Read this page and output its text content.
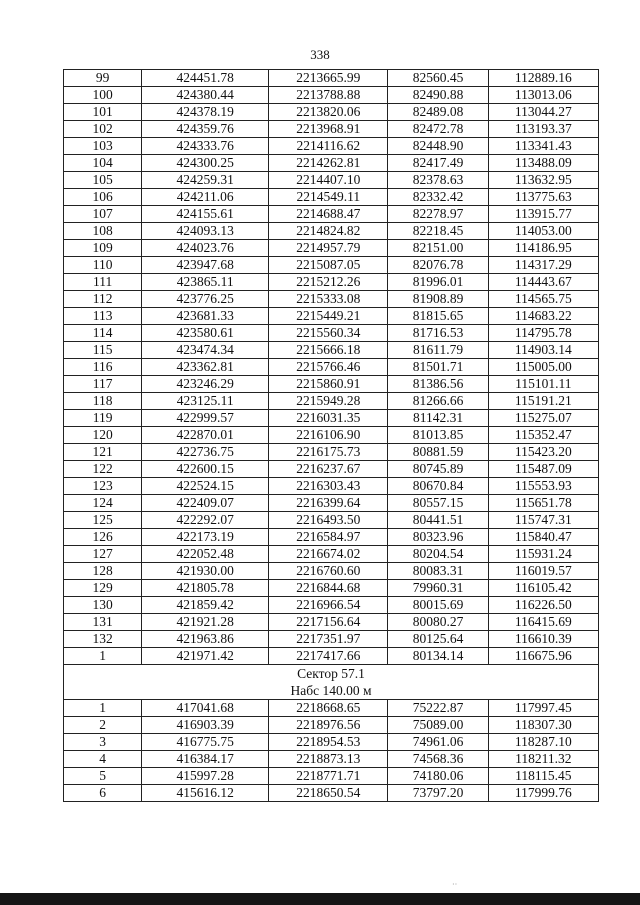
338
99	424451.78	2213665.99	82560.45	112889.16
100	424380.44	2213788.88	82490.88	113013.06
101	424378.19	2213820.06	82489.08	113044.27
102	424359.76	2213968.91	82472.78	113193.37
103	424333.76	2214116.62	82448.90	113341.43
104	424300.25	2214262.81	82417.49	113488.09
105	424259.31	2214407.10	82378.63	113632.95
106	424211.06	2214549.11	82332.42	113775.63
107	424155.61	2214688.47	82278.97	113915.77
108	424093.13	2214824.82	82218.45	114053.00
109	424023.76	2214957.79	82151.00	114186.95
110	423947.68	2215087.05	82076.78	114317.29
111	423865.11	2215212.26	81996.01	114443.67
112	423776.25	2215333.08	81908.89	114565.75
113	423681.33	2215449.21	81815.65	114683.22
114	423580.61	2215560.34	81716.53	114795.78
115	423474.34	2215666.18	81611.79	114903.14
116	423362.81	2215766.46	81501.71	115005.00
117	423246.29	2215860.91	81386.56	115101.11
118	423125.11	2215949.28	81266.66	115191.21
119	422999.57	2216031.35	81142.31	115275.07
120	422870.01	2216106.90	81013.85	115352.47
121	422736.75	2216175.73	80881.59	115423.20
122	422600.15	2216237.67	80745.89	115487.09
123	422524.15	2216303.43	80670.84	115553.93
124	422409.07	2216399.64	80557.15	115651.78
125	422292.07	2216493.50	80441.51	115747.31
126	422173.19	2216584.97	80323.96	115840.47
127	422052.48	2216674.02	80204.54	115931.24
128	421930.00	2216760.60	80083.31	116019.57
129	421805.78	2216844.68	79960.31	116105.42
130	421859.42	2216966.54	80015.69	116226.50
131	421921.28	2217156.64	80080.27	116415.69
132	421963.86	2217351.97	80125.64	116610.39
1	421971.42	2217417.66	80134.14	116675.96
Сектор 57.1				
Набс 140.00 м				
1	417041.68	2218668.65	75222.87	117997.45
2	416903.39	2218976.56	75089.00	118307.30
3	416775.75	2218954.53	74961.06	118287.10
4	416384.17	2218873.13	74568.36	118211.32
5	415997.28	2218771.71	74180.06	118115.45
6	415616.12	2218650.54	73797.20	117999.76
··
